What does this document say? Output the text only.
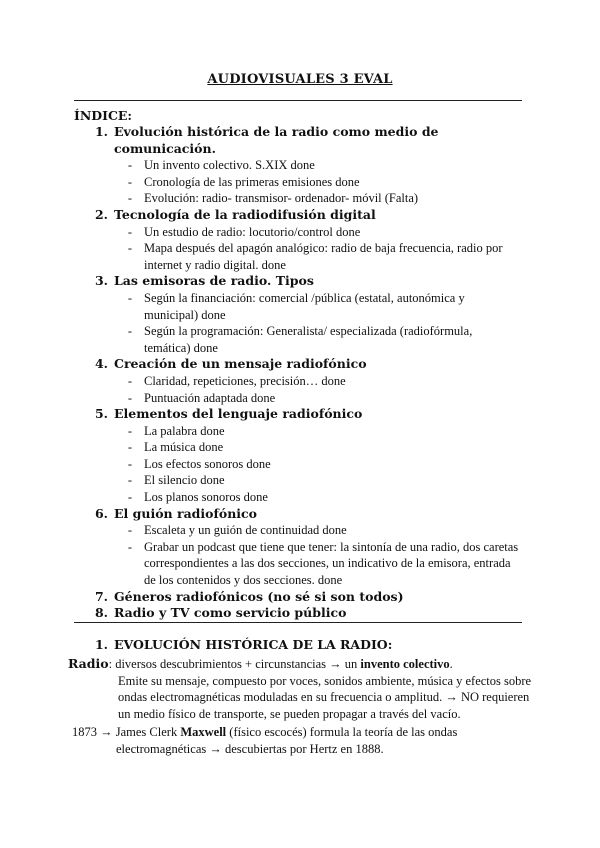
AUDIOVISUALES 3 EVAL
ÍNDICE:
1. Evolución histórica de la radio como medio de comunicación.
- Un invento colectivo. S.XIX done
- Cronología de las primeras emisiones done
- Evolución: radio- transmisor- ordenador- móvil (Falta)
2. Tecnología de la radiodifusión digital
- Un estudio de radio: locutorio/control done
- Mapa después del apagón analógico: radio de baja frecuencia, radio por internet y radio digital. done
3. Las emisoras de radio. Tipos
- Según la financiación: comercial /pública (estatal, autonómica y municipal) done
- Según la programación: Generalista/ especializada (radiofórmula, temática) done
4. Creación de un mensaje radiofónico
- Claridad, repeticiones, precisión… done
- Puntuación adaptada done
5. Elementos del lenguaje radiofónico
- La palabra done
- La música done
- Los efectos sonoros done
- El silencio done
- Los planos sonoros done
6. El guión radiofónico
- Escaleta y un guión de continuidad done
- Grabar un podcast que tiene que tener: la sintonía de una radio, dos caretas correspondientes a las dos secciones, un indicativo de la emisora, entrada de los contenidos y dos secciones. done
7. Géneros radiofónicos (no sé si son todos)
8. Radio y TV como servicio público
1. EVOLUCIÓN HISTÓRICA DE LA RADIO:
Radio: diversos descubrimientos + circunstancias → un invento colectivo.
Emite su mensaje, compuesto por voces, sonidos ambiente, música y efectos sobre ondas electromagnéticas moduladas en su frecuencia o amplitud. → NO requieren un medio físico de transporte, se pueden propagar a través del vacío.
1873 → James Clerk Maxwell (físico escocés) formula la teoría de las ondas electromagnéticas → descubiertas por Hertz en 1888.
